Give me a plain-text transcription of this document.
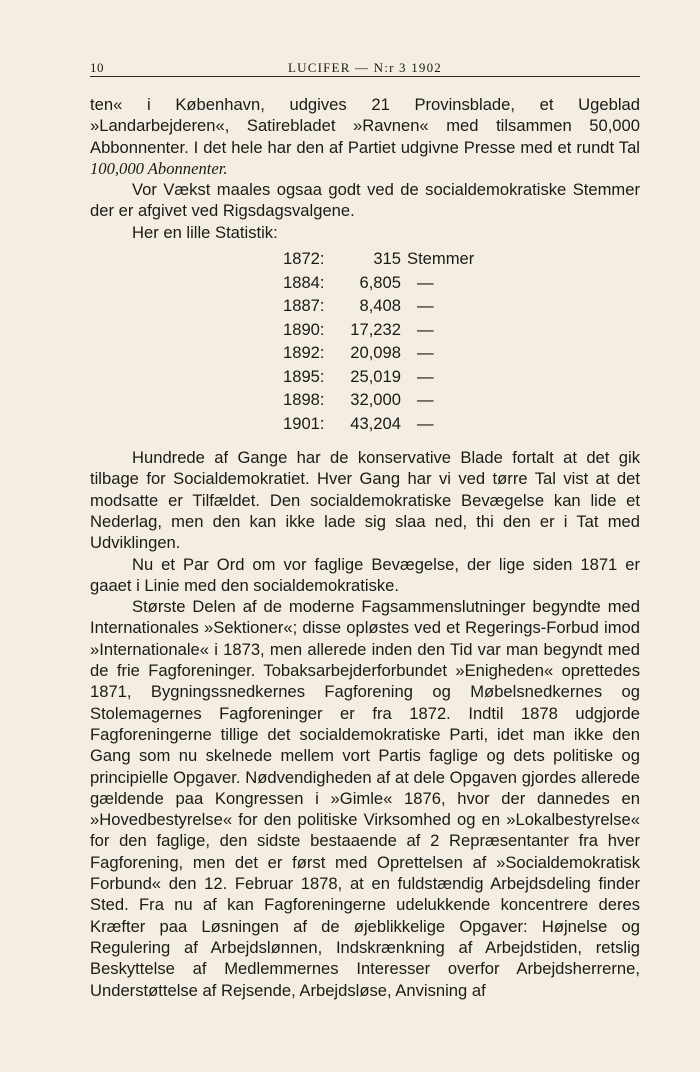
10	LUCIFER — N:r 3 1902

ten« i København, udgives 21 Provinsblade, et Ugeblad »Landarbejderen«, Satirebladet »Ravnen« med tilsammen 50,000 Abbonnenter. I det hele har den af Partiet udgivne Presse med et rundt Tal 100,000 Abonnenter.

Vor Vækst maales ogsaa godt ved de socialdemokratiske Stemmer der er afgivet ved Rigsdagsvalgene.

Her en lille Statistik:

1872:	315 Stemmer
1884: 6,805 —
1887: 8,408 —
1890: 17,232 —
1892: 20,098 —
1895: 25,019 —
1898: 32,000 —
1901: 43,204 —

Hundrede af Gange har de konservative Blade fortalt at det gik tilbage for Socialdemokratiet. Hver Gang har vi ved tørre Tal vist at det modsatte er Tilfældet. Den socialdemokratiske Bevægelse kan lide et Nederlag, men den kan ikke lade sig slaa ned, thi den er i Tat med Udviklingen.

Nu et Par Ord om vor faglige Bevægelse, der lige siden 1871 er gaaet i Linie med den socialdemokratiske.

Største Delen af de moderne Fagsammenslutninger begyndte med Internationales »Sektioner«; disse opløstes ved et Regerings-Forbud imod »Internationale« i 1873, men allerede inden den Tid var man begyndt med de frie Fagforeninger. Tobaksarbejderforbundet »Enigheden« oprettedes 1871, Bygningssnedkernes Fagforening og Møbelsnedkernes og Stolemagernes Fagforeninger er fra 1872. Indtil 1878 udgjorde Fagforeningerne tillige det socialdemokratiske Parti, idet man ikke den Gang som nu skelnede mellem vort Partis faglige og dets politiske og principielle Opgaver. Nødvendigheden af at dele Opgaven gjordes allerede gældende paa Kongressen i »Gimle« 1876, hvor der dannedes en »Hovedbestyrelse« for den politiske Virksomhed og en »Lokalbestyrelse« for den faglige, den sidste bestaaende af 2 Repræsentanter fra hver Fagforening, men det er først med Oprettelsen af »Socialdemokratisk Forbund« den 12. Februar 1878, at en fuldstændig Arbejdsdeling finder Sted. Fra nu af kan Fagforeningerne udelukkende koncentrere deres Kræfter paa Løsningen af de øjeblikkelige Opgaver: Højnelse og Regulering af Arbejdslønnen, Indskrænkning af Arbejdstiden, retslig Beskyttelse af Medlemmernes Interesser overfor Arbejdsherrerne, Understøttelse af Rejsende, Arbejdsløse, Anvisning af
